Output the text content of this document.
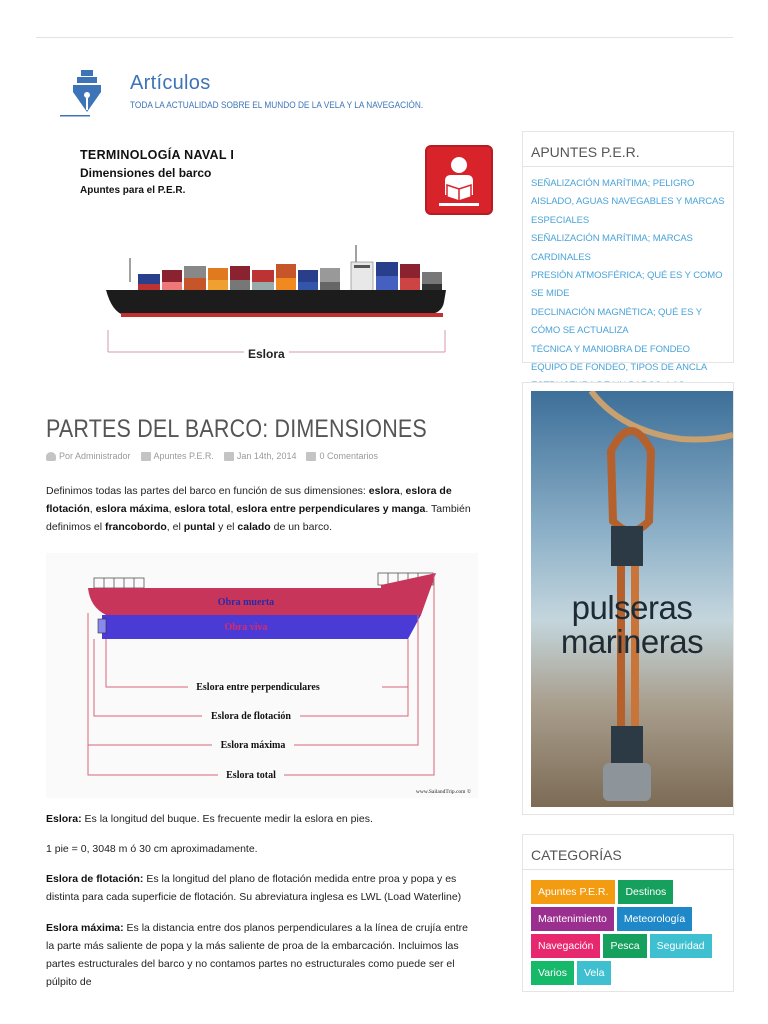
Artículos
TODA LA ACTUALIDAD SOBRE EL MUNDO DE LA VELA Y LA NAVEGACIÓN.
TERMINOLOGÍA NAVAL I
Dimensiones del barco
Apuntes para el P.E.R.
Eslora
PARTES DEL BARCO: DIMENSIONES
Por Administrador	Apuntes P.E.R.	Jan 14th, 2014	0 Comentarios
Definimos todas las partes del barco en función de sus dimensiones: eslora, eslora de flotación, eslora máxima, eslora total, eslora entre perpendiculares y manga. También definimos el francobordo, el puntal y el calado de un barco.
Obra muerta
Obra viva
Eslora entre perpendiculares
Eslora de flotación
Eslora máxima
Eslora total
www.SailandTrip.com ©
Eslora: Es la longitud del buque. Es frecuente medir la eslora en pies.
1 pie = 0, 3048 m ó 30 cm aproximadamente.
Eslora de flotación: Es la longitud del plano de flotación medida entre proa y popa y es distinta para cada superficie de flotación. Su abreviatura inglesa es LWL (Load Waterline)
Eslora máxima: Es la distancia entre dos planos perpendiculares a la línea de crujía entre la parte más saliente de popa y la más saliente de proa de la embarcación. Incluimos las partes estructurales del barco y no contamos partes no estructurales como puede ser el púlpito de
APUNTES P.E.R.
SEÑALIZACIÓN MARÍTIMA; PELIGRO AISLADO, AGUAS NAVEGABLES Y MARCAS ESPECIALES
SEÑALIZACIÓN MARÍTIMA; MARCAS CARDINALES
PRESIÓN ATMOSFÉRICA; QUÉ ES Y COMO SE MIDE
DECLINACIÓN MAGNÉTICA; QUÉ ES Y CÓMO SE ACTUALIZA
TÉCNICA Y MANIOBRA DE FONDEO
EQUIPO DE FONDEO, TIPOS DE ANCLA
pulseras
marineras
CATEGORÍAS
Apuntes P.E.R.	Destinos
Mantenimiento	Meteorología
Navegación	Pesca	Seguridad
Varios	Vela
